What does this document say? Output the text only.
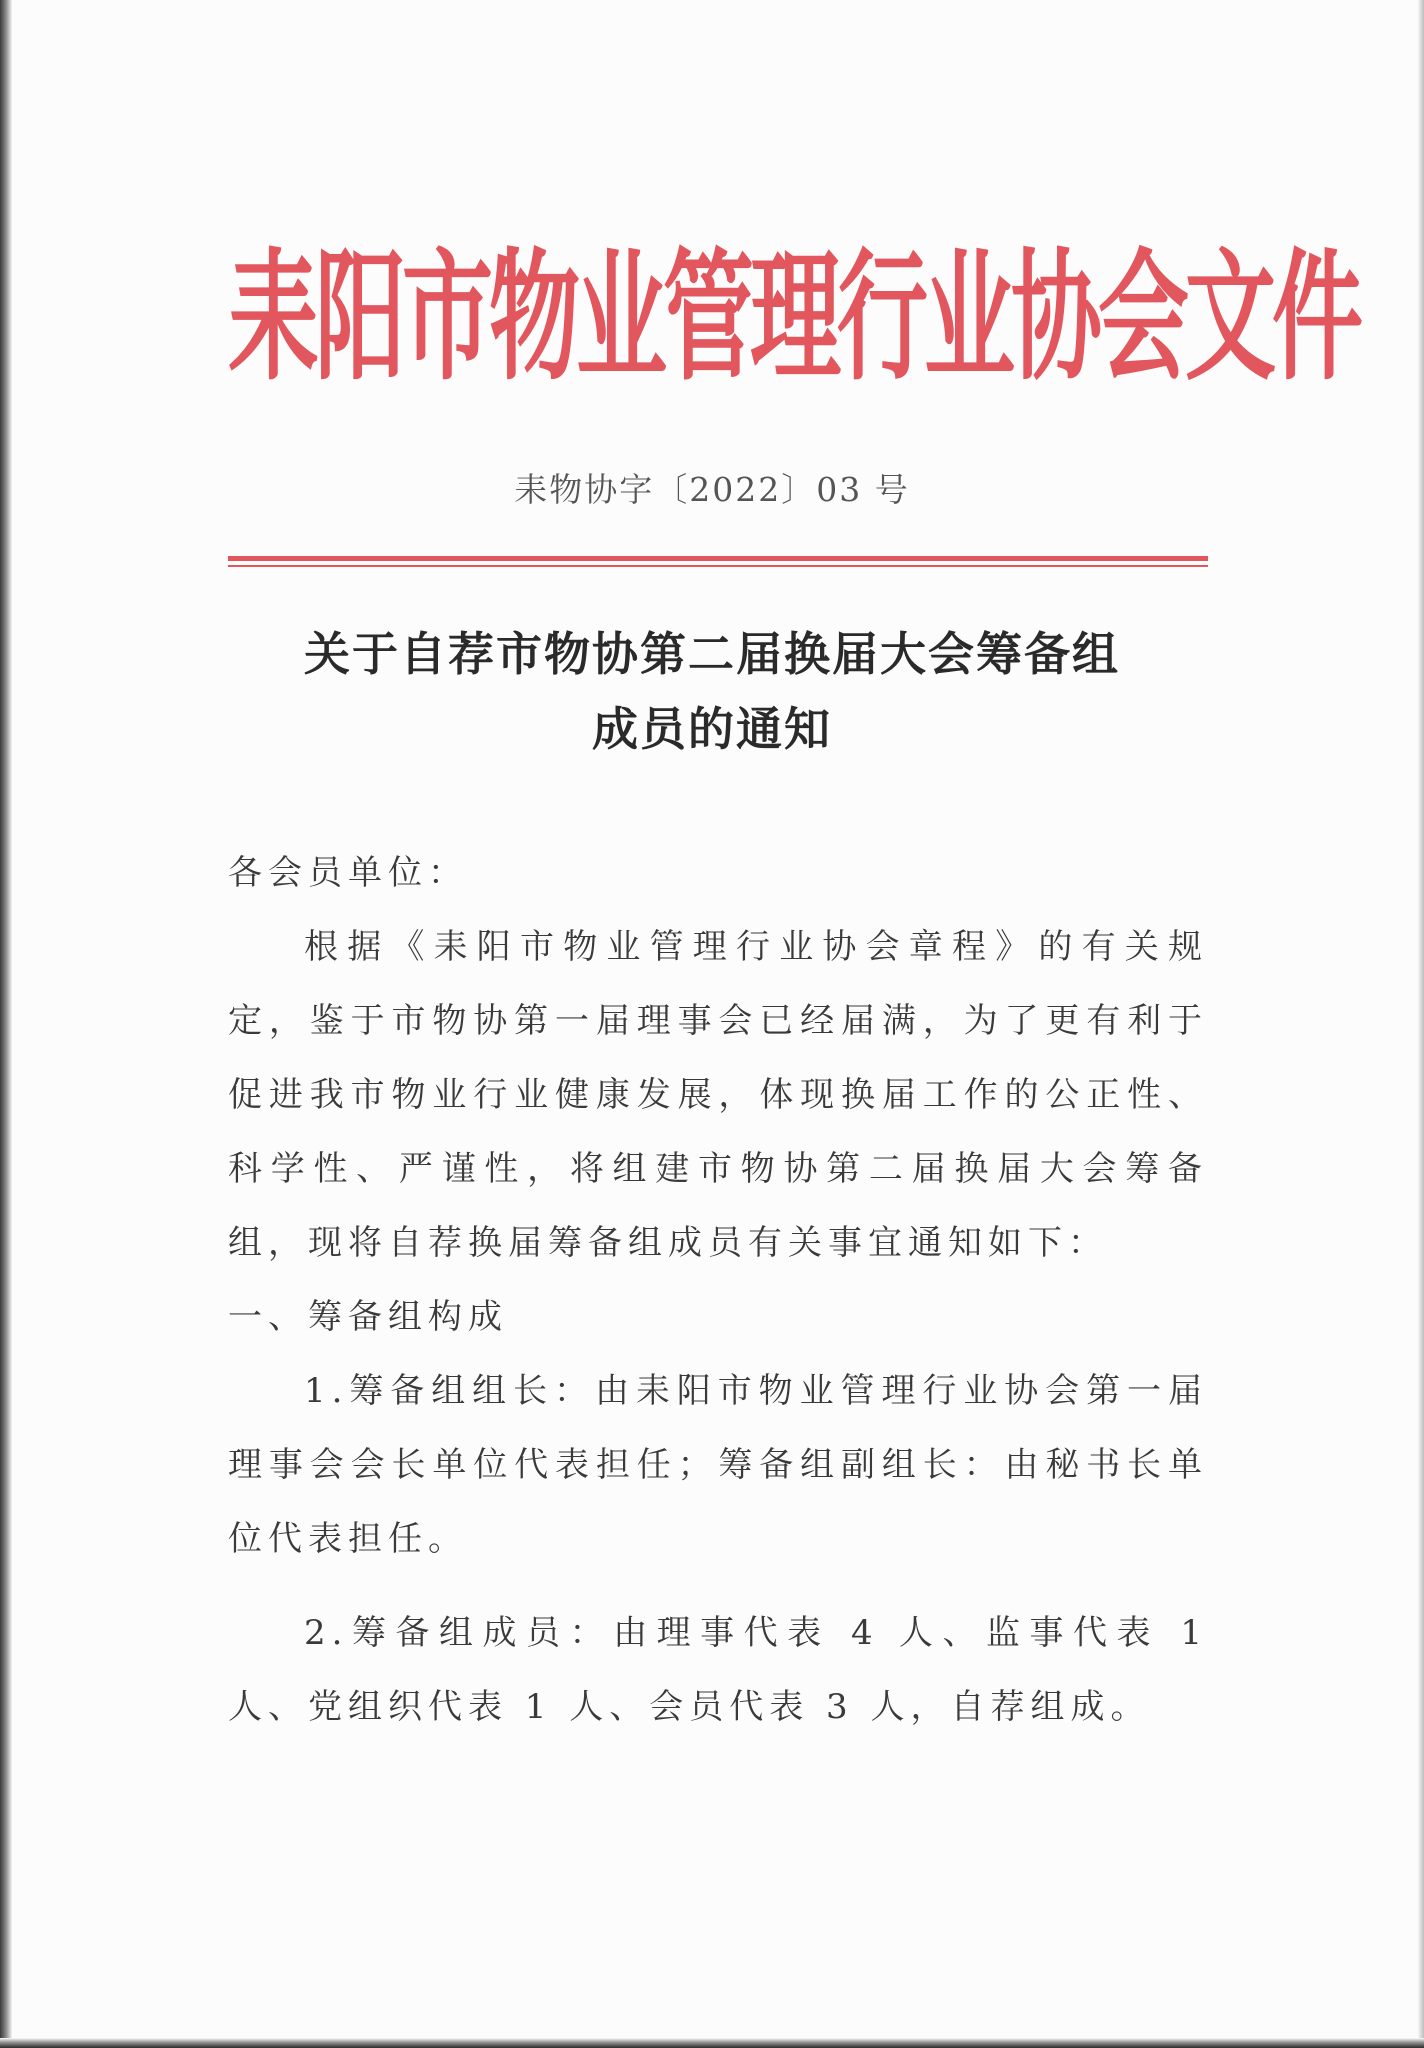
耒阳市物业管理行业协会文件
耒物协字〔2022〕03 号
关于自荐市物协第二届换届大会筹备组
成员的通知
各会员单位：
根据《耒阳市物业管理行业协会章程》的有关规定，鉴于市物协第一届理事会已经届满，为了更有利于促进我市物业行业健康发展，体现换届工作的公正性、科学性、严谨性，将组建市物协第二届换届大会筹备组，现将自荐换届筹备组成员有关事宜通知如下：
一、筹备组构成
1.筹备组组长：由耒阳市物业管理行业协会第一届理事会会长单位代表担任；筹备组副组长：由秘书长单位代表担任。
2.筹备组成员：由理事代表 4 人、监事代表 1 人、党组织代表 1 人、会员代表 3 人，自荐组成。
